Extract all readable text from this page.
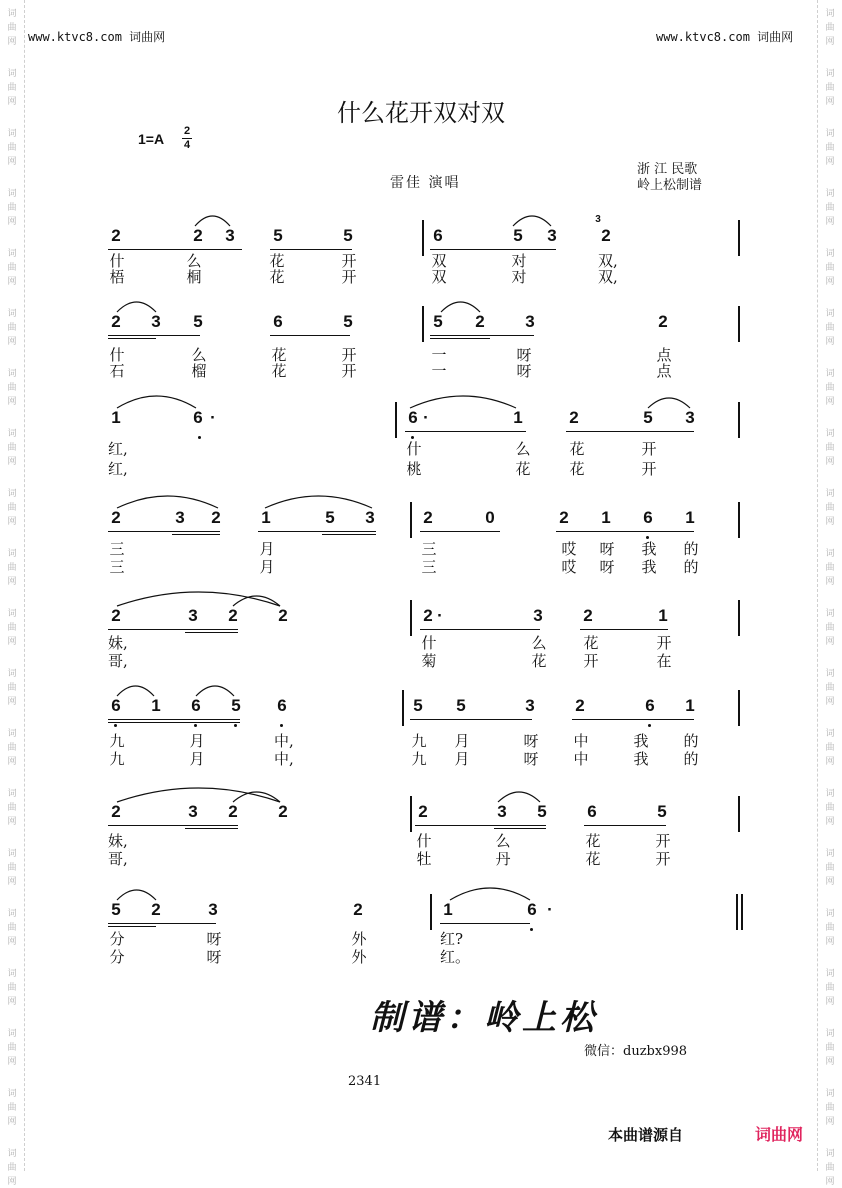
词
曲
网
词
曲
网
词
曲
网
词
曲
网
词
曲
网
词
曲
网
词
曲
网
词
曲
网
词
曲
网
词
曲
网
词
曲
网
词
曲
网
词
曲
网
词
曲
网
词
曲
网
词
曲
网
词
曲
网
词
曲
网
词
曲
网
词
曲
网
词
曲
网
词
曲
网
词
曲
网
词
曲
网
词
曲
网
词
曲
网
词
曲
网
词
曲
网
词
曲
网
词
曲
网
词
曲
网
词
曲
网
词
曲
网
词
曲
网
词
曲
网
词
曲
网
词
曲
网
词
曲
网
词
曲
网
词
曲
网
www.ktvc8.com 词曲网	www.ktvc8.com 词曲网
什么花开双对双
1=A 2
4
雷佳 演唱
浙 江 民歌
岭上松制谱
2	2 3 5	5	6	5 3	2
什	么	花	开	双	对	双,
梧	桐	花	开	双	对	双,
3
2 3 5	6	5	5 2 3	2
什	么	花	开	一	呀	点
石	榴	花	开	一	呀	点
1	6 ·	6 ·	1	2	5 3
红,	什	么	花	开
红,	桃	花	花	开
2	3 2 1	5 3	2	0	2 1 6 1
三	月	三	哎 呀 我 的
三	月	三	哎 呀 我 的
2	3 2 2	2 ·	3 2	1
妹,	什	么 花	开
哥,	菊	花 开	在
6 1 6 5 6	5 5	3 2	6 1
九	月	中,	九 月	呀 中	我 的
九	月	中,	九 月	呀 中	我 的
2	3 2 2	2	3 5 6	5
妹,	什	么	花	开
哥,	牡	丹	花	开
5 2	3	2	1	6 ·
分	呀	外	红?
分	呀	外	红。
制谱：岭上松
微信：duzbx998
2341
本曲谱源自	词曲网
